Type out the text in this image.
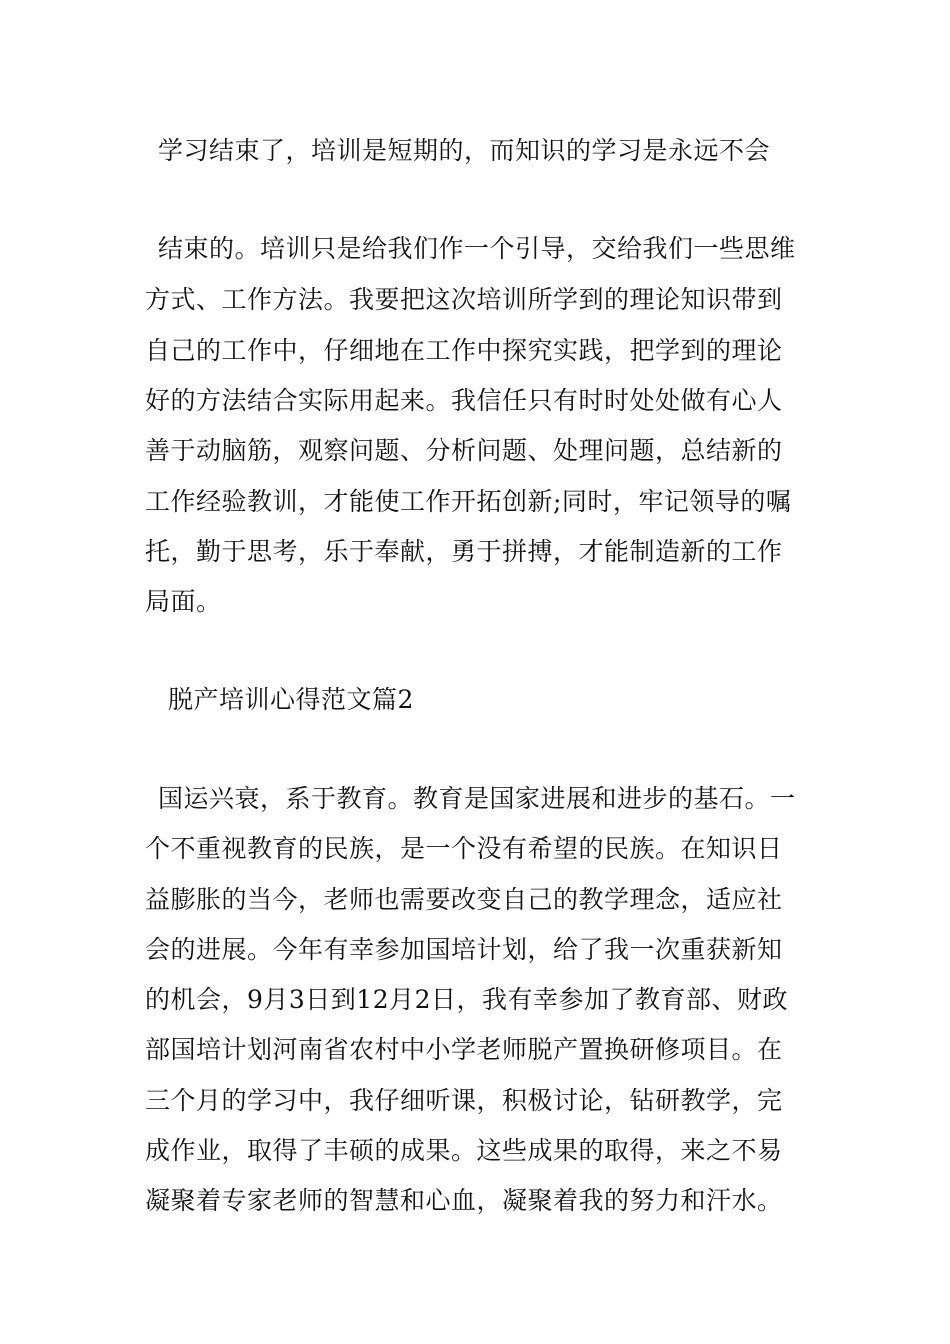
学习结束了，培训是短期的，而知识的学习是永远不会
结束的。培训只是给我们作一个引导，交给我们一些思维
方式、工作方法。我要把这次培训所学到的理论知识带到
自己的工作中，仔细地在工作中探究实践，把学到的理论
好的方法结合实际用起来。我信任只有时时处处做有心人
善于动脑筋，观察问题、分析问题、处理问题，总结新的
工作经验教训，才能使工作开拓创新;同时，牢记领导的嘱
托，勤于思考，乐于奉献，勇于拼搏，才能制造新的工作
局面。
脱产培训心得范文篇2
国运兴衰，系于教育。教育是国家进展和进步的基石。一
个不重视教育的民族，是一个没有希望的民族。在知识日
益膨胀的当今，老师也需要改变自己的教学理念，适应社
会的进展。今年有幸参加国培计划，给了我一次重获新知
的机会，9月3日到12月2日，我有幸参加了教育部、财政
部国培计划河南省农村中小学老师脱产置换研修项目。在
三个月的学习中，我仔细听课，积极讨论，钻研教学，完
成作业，取得了丰硕的成果。这些成果的取得，来之不易
凝聚着专家老师的智慧和心血，凝聚着我的努力和汗水。
